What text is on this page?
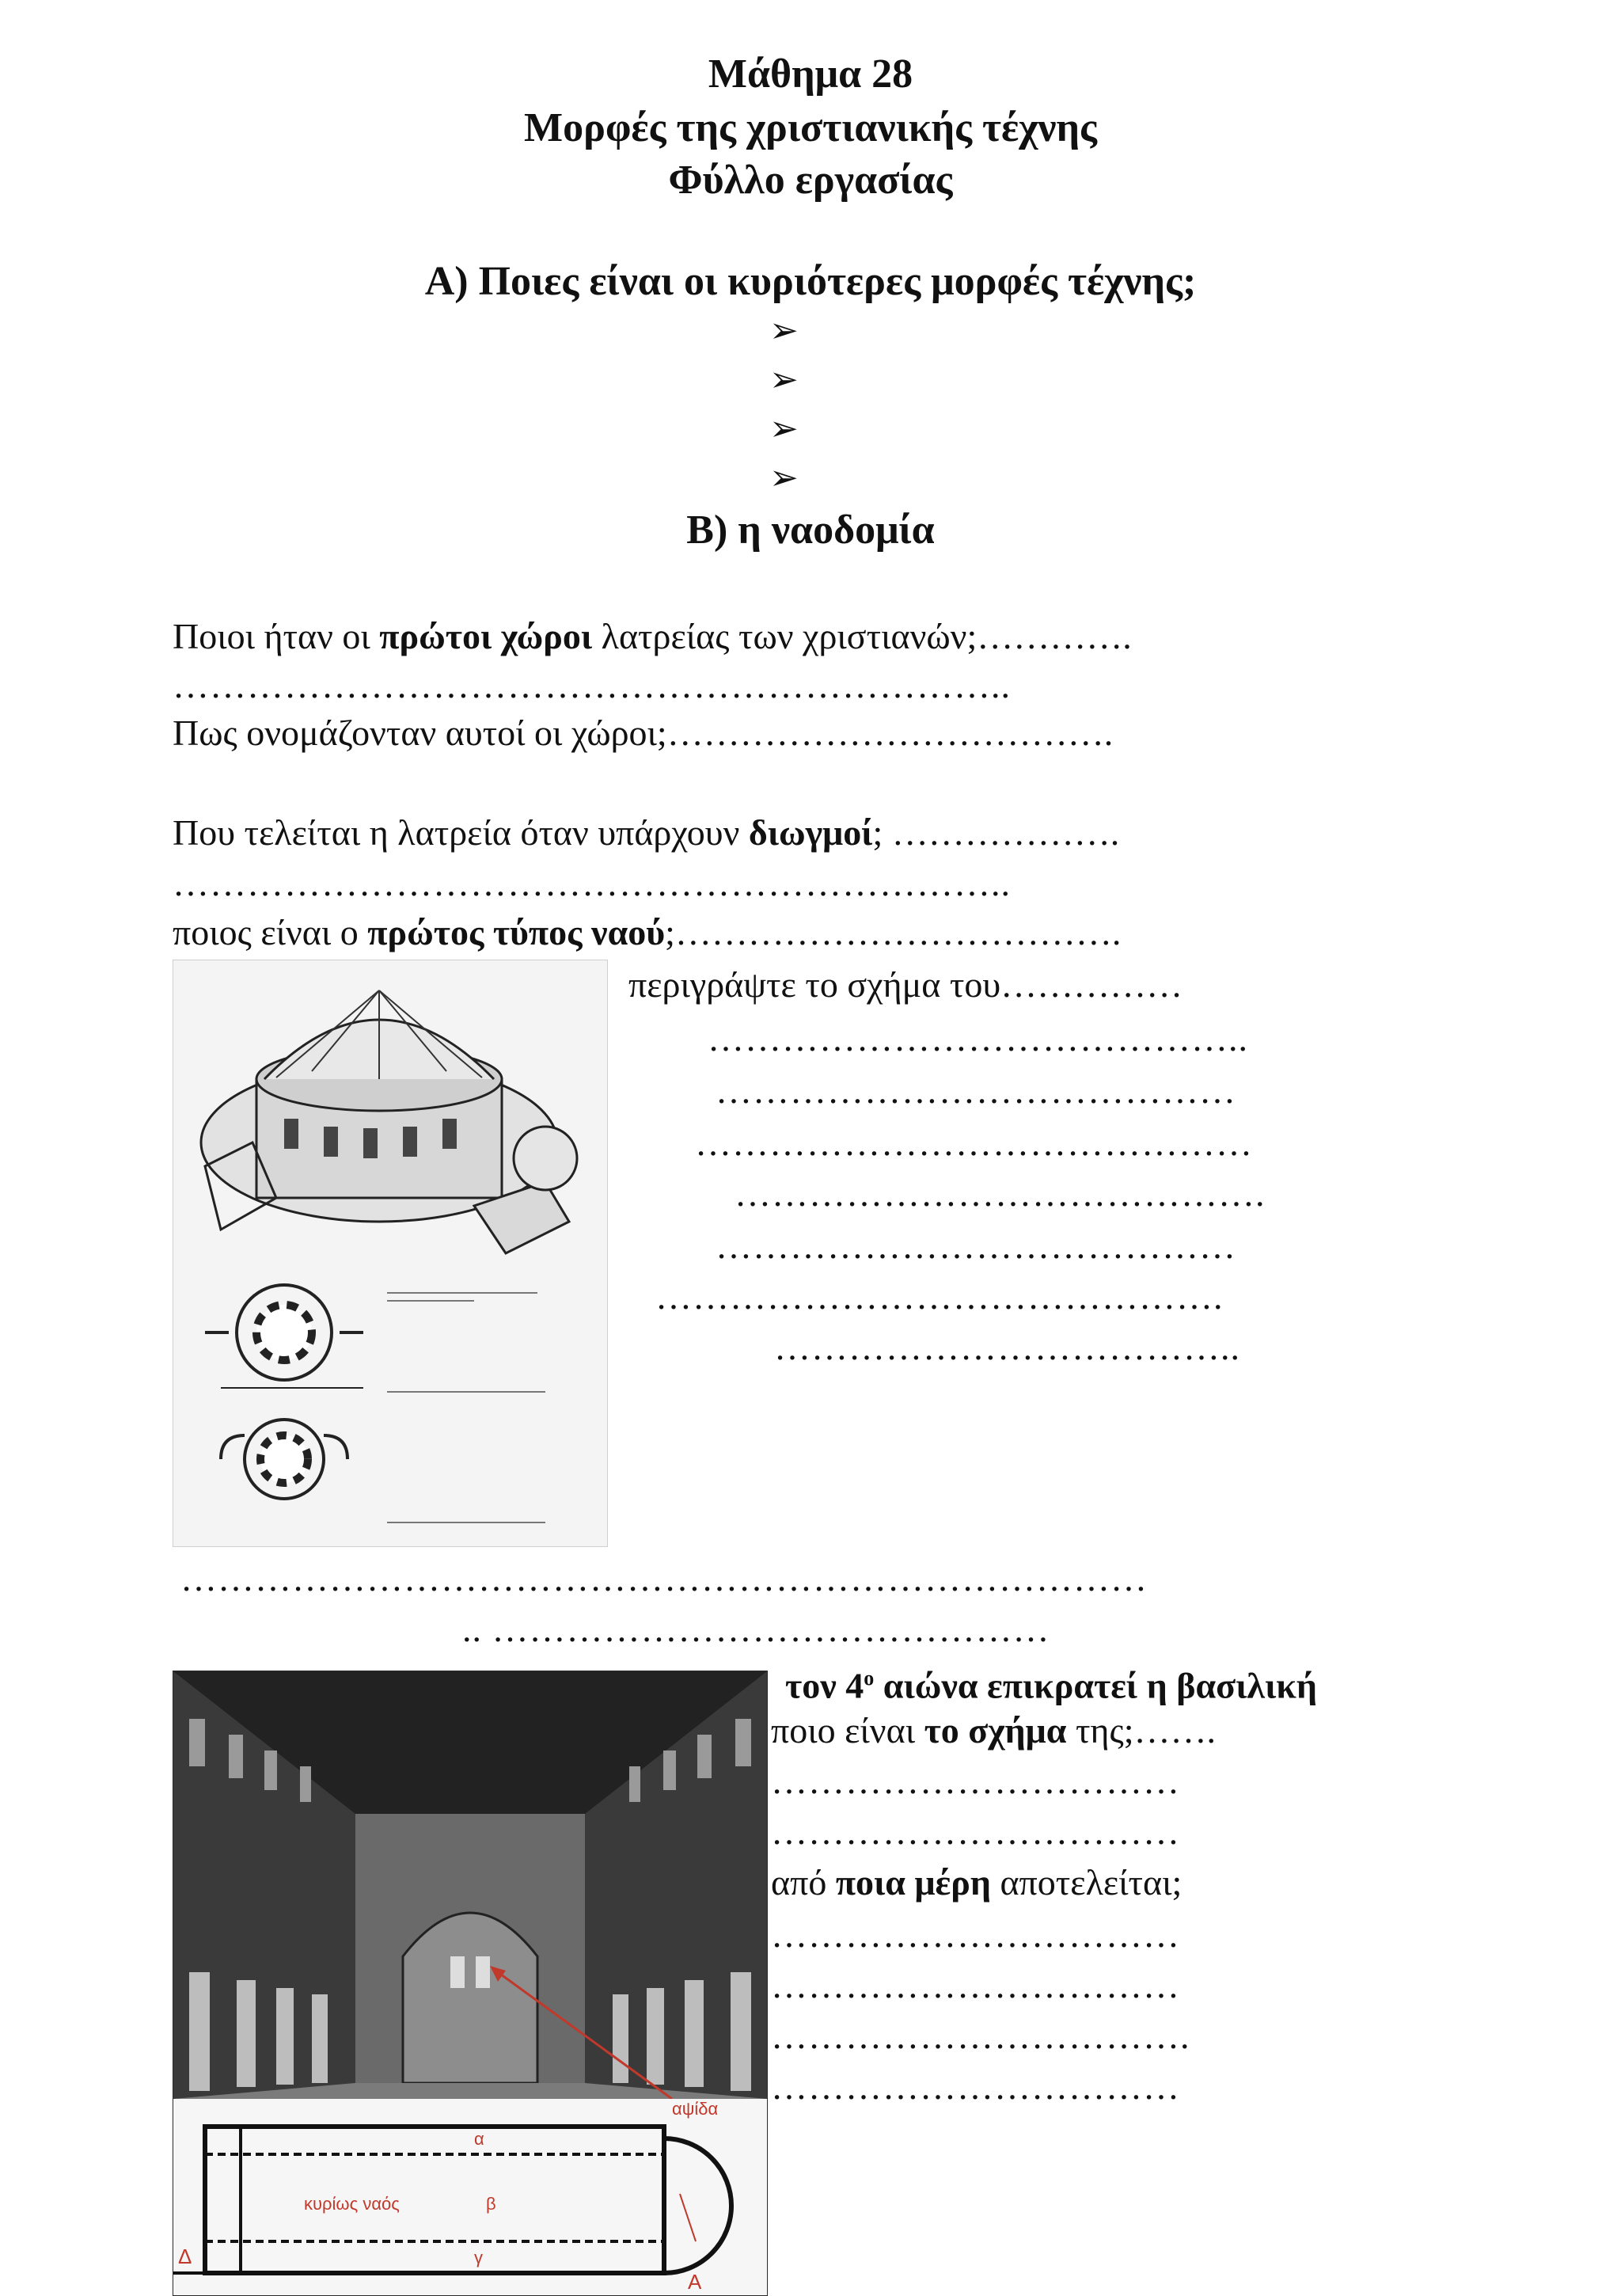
Μάθημα 28
Μορφές της χριστιανικής τέχνης
Φύλλο εργασίας
Α) Ποιες είναι οι κυριότερες μορφές τέχνης;
➢
➢
➢
➢
Β) η ναοδομία
Ποιοι ήταν οι πρώτοι χώροι λατρείας των χριστιανών;………….
…………………………………………………………..
Πως ονομάζονταν αυτοί οι χώροι;……………………………….
Που τελείται η λατρεία όταν υπάρχουν διωγμοί; ……………….
…………………………………………………………..
ποιος είναι ο πρώτος τύπος ναού;……………………………….
περιγράψτε το σχήμα του……………
……………………………………..
……………………………………
………………………………………
…………………………………….
……………………………………
……………………………………….
………………………………..
……………………………………………………………………
.. ………………………………………
α
κυρίως ναός	β
γ
αψίδα
Δ
Α
τον $4^o$ αιώνα επικρατεί η βασιλική
ποιο είναι το σχήμα της;…….
……………………………
……………………………
από ποια μέρη αποτελείται;
……………………………
……………………………
…………………………….
……………………………
